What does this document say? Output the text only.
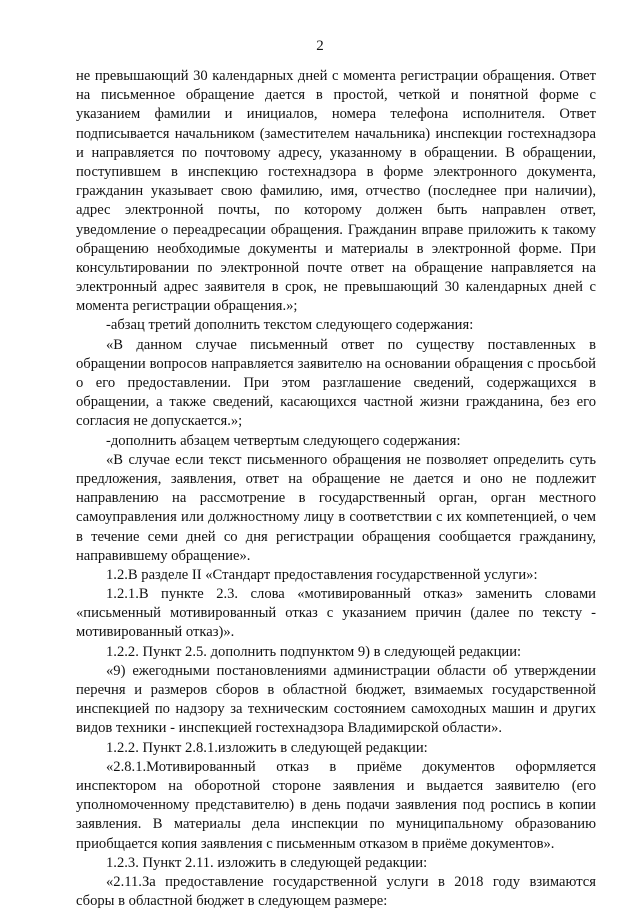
2
не превышающий 30 календарных дней с момента регистрации обращения. Ответ
на письменное обращение дается в простой, четкой и понятной форме с
указанием фамилии и инициалов, номера телефона исполнителя. Ответ
подписывается начальником (заместителем начальника) инспекции гостехнадзора
и направляется по почтовому адресу, указанному в обращении. В обращении,
поступившем в инспекцию гостехнадзора в форме электронного документа,
гражданин указывает свою фамилию, имя, отчество (последнее при наличии),
адрес электронной почты, по которому должен быть направлен ответ,
уведомление о переадресации обращения. Гражданин вправе приложить к такому
обращению необходимые документы и материалы в электронной форме. При
консультировании по электронной почте ответ на обращение направляется на
электронный адрес заявителя в срок, не превышающий 30 календарных дней с
момента регистрации обращения.»;
-абзац третий дополнить текстом следующего содержания:
«В данном случае письменный ответ по существу поставленных в
обращении вопросов направляется заявителю на основании обращения с просьбой
о его предоставлении. При этом разглашение сведений, содержащихся в
обращении, а также сведений, касающихся частной жизни гражданина, без его
согласия не допускается.»;
-дополнить абзацем четвертым следующего содержания:
«В случае если текст письменного обращения не позволяет определить суть
предложения, заявления, ответ на обращение не дается и оно не подлежит
направлению на рассмотрение в государственный орган, орган местного
самоуправления или должностному лицу в соответствии с их компетенцией, о чем
в течение семи дней со дня регистрации обращения сообщается гражданину,
направившему обращение».
1.2.В разделе II «Стандарт предоставления государственной услуги»:
1.2.1.В пункте 2.3. слова «мотивированный отказ» заменить словами
«письменный мотивированный отказ с указанием причин (далее по тексту -
мотивированный отказ)».
1.2.2. Пункт 2.5. дополнить подпунктом 9) в следующей редакции:
«9) ежегодными постановлениями администрации области об утверждении
перечня и размеров сборов в областной бюджет, взимаемых государственной
инспекцией по надзору за техническим состоянием самоходных машин и других
видов техники - инспекцией гостехнадзора Владимирской области».
1.2.2. Пункт 2.8.1.изложить в следующей редакции:
«2.8.1.Мотивированный отказ в приёме документов оформляется
инспектором на оборотной стороне заявления и выдается заявителю (его
уполномоченному представителю) в день подачи заявления под роспись в копии
заявления. В материалы дела инспекции по муниципальному образованию
приобщается копия заявления с письменным отказом в приёме документов».
1.2.3. Пункт 2.11. изложить в следующей редакции:
«2.11.За предоставление государственной услуги в 2018 году взимаются
сборы в областной бюджет в следующем размере:
